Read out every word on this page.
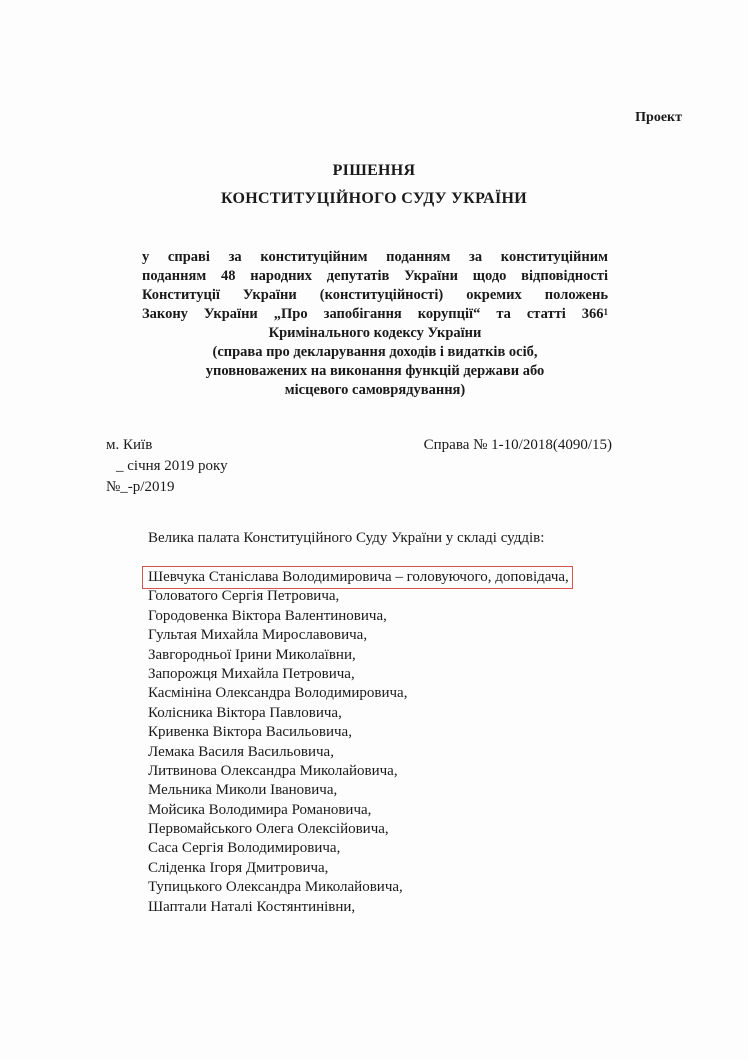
Проект
РІШЕННЯ
КОНСТИТУЦІЙНОГО СУДУ УКРАЇНИ
у справі за конституційним поданням за конституційним
поданням 48 народних депутатів України щодо відповідності
Конституції України (конституційності) окремих положень
Закону України „Про запобігання корупції“ та статті $366^1$
Кримінального кодексу України
(справа про декларування доходів і видатків осіб,
уповноважених на виконання функцій держави або
місцевого самоврядування)
м. Київ
_ січня 2019 року
№_-р/2019
Справа № 1-10/2018(4090/15)
Велика палата Конституційного Суду України у складі суддів:
Шевчука Станіслава Володимировича – головуючого, доповідача,
Головатого Сергія Петровича,
Городовенка Віктора Валентиновича,
Гультая Михайла Мирославовича,
Завгородньої Ірини Миколаївни,
Запорожця Михайла Петровича,
Касмініна Олександра Володимировича,
Колісника Віктора Павловича,
Кривенка Віктора Васильовича,
Лемака Василя Васильовича,
Литвинова Олександра Миколайовича,
Мельника Миколи Івановича,
Мойсика Володимира Романовича,
Первомайського Олега Олексійовича,
Саса Сергія Володимировича,
Сліденка Ігоря Дмитровича,
Тупицького Олександра Миколайовича,
Шаптали Наталі Костянтинівни,
